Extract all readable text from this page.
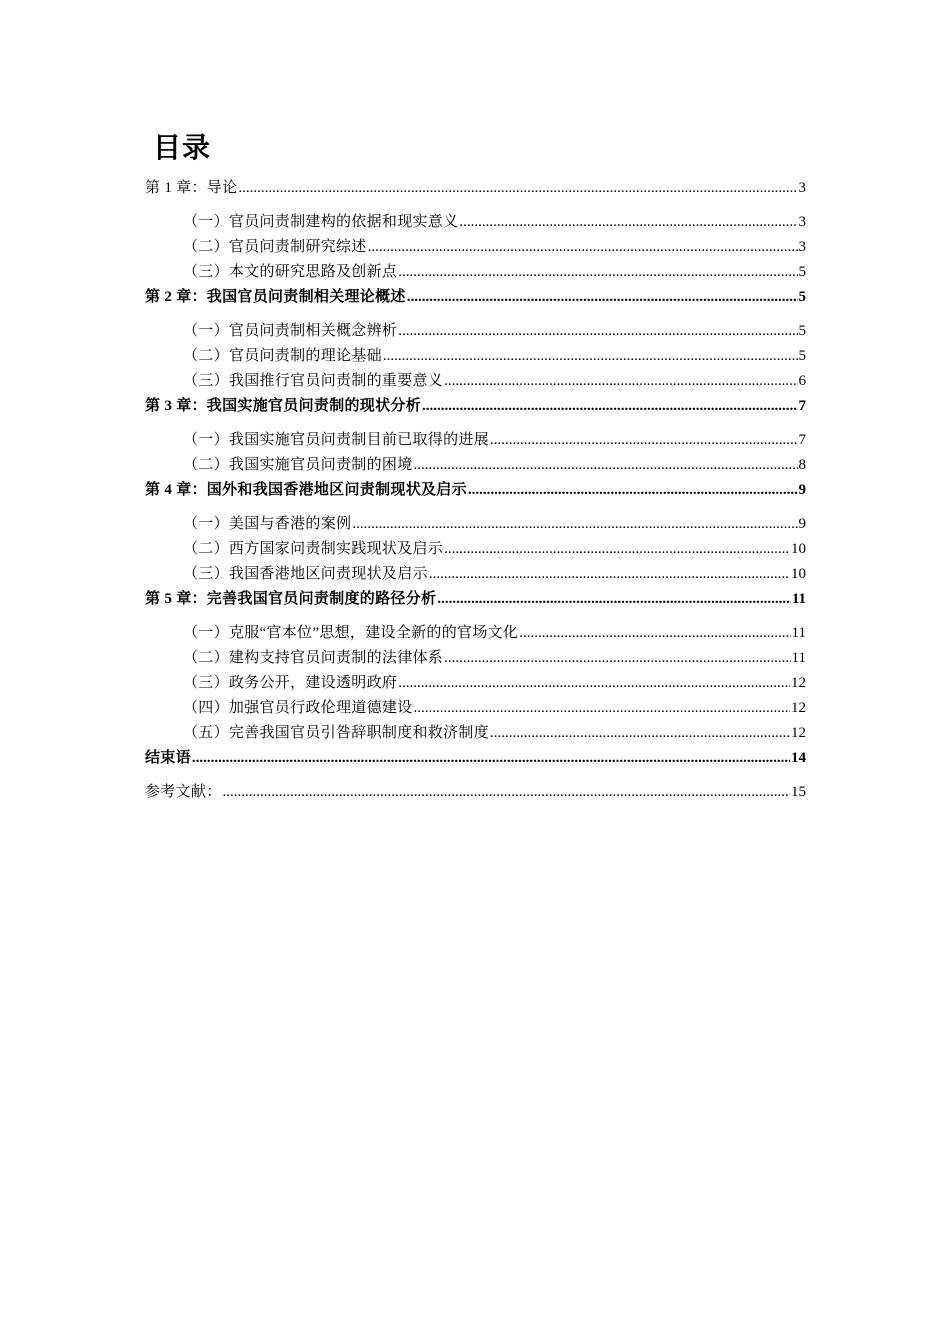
目录
第 1 章：导论 .....	3
（一）官员问责制建构的依据和现实意义 .....	3
（二）官员问责制研究综述 .....	3
（三）本文的研究思路及创新点 .....	5
第 2 章：我国官员问责制相关理论概述 .....	5
（一）官员问责制相关概念辨析 .....	5
（二）官员问责制的理论基础 .....	5
（三）我国推行官员问责制的重要意义 .....	6
第 3 章：我国实施官员问责制的现状分析 .....	7
（一）我国实施官员问责制目前已取得的进展 .....	7
（二）我国实施官员问责制的困境 .....	8
第 4 章：国外和我国香港地区问责制现状及启示 .....	9
（一）美国与香港的案例 .....	9
（二）西方国家问责制实践现状及启示 .....	10
（三）我国香港地区问责现状及启示 .....	10
第 5 章：完善我国官员问责制度的路径分析 .....	11
（一）克服“官本位”思想，建设全新的的官场文化 .....	11
（二）建构支持官员问责制的法律体系 .....	11
（三）政务公开，建设透明政府 .....	12
（四）加强官员行政伦理道德建设 .....	12
（五）完善我国官员引咎辞职制度和救济制度 .....	12
结束语 .....	14
参考文献： .....	15
